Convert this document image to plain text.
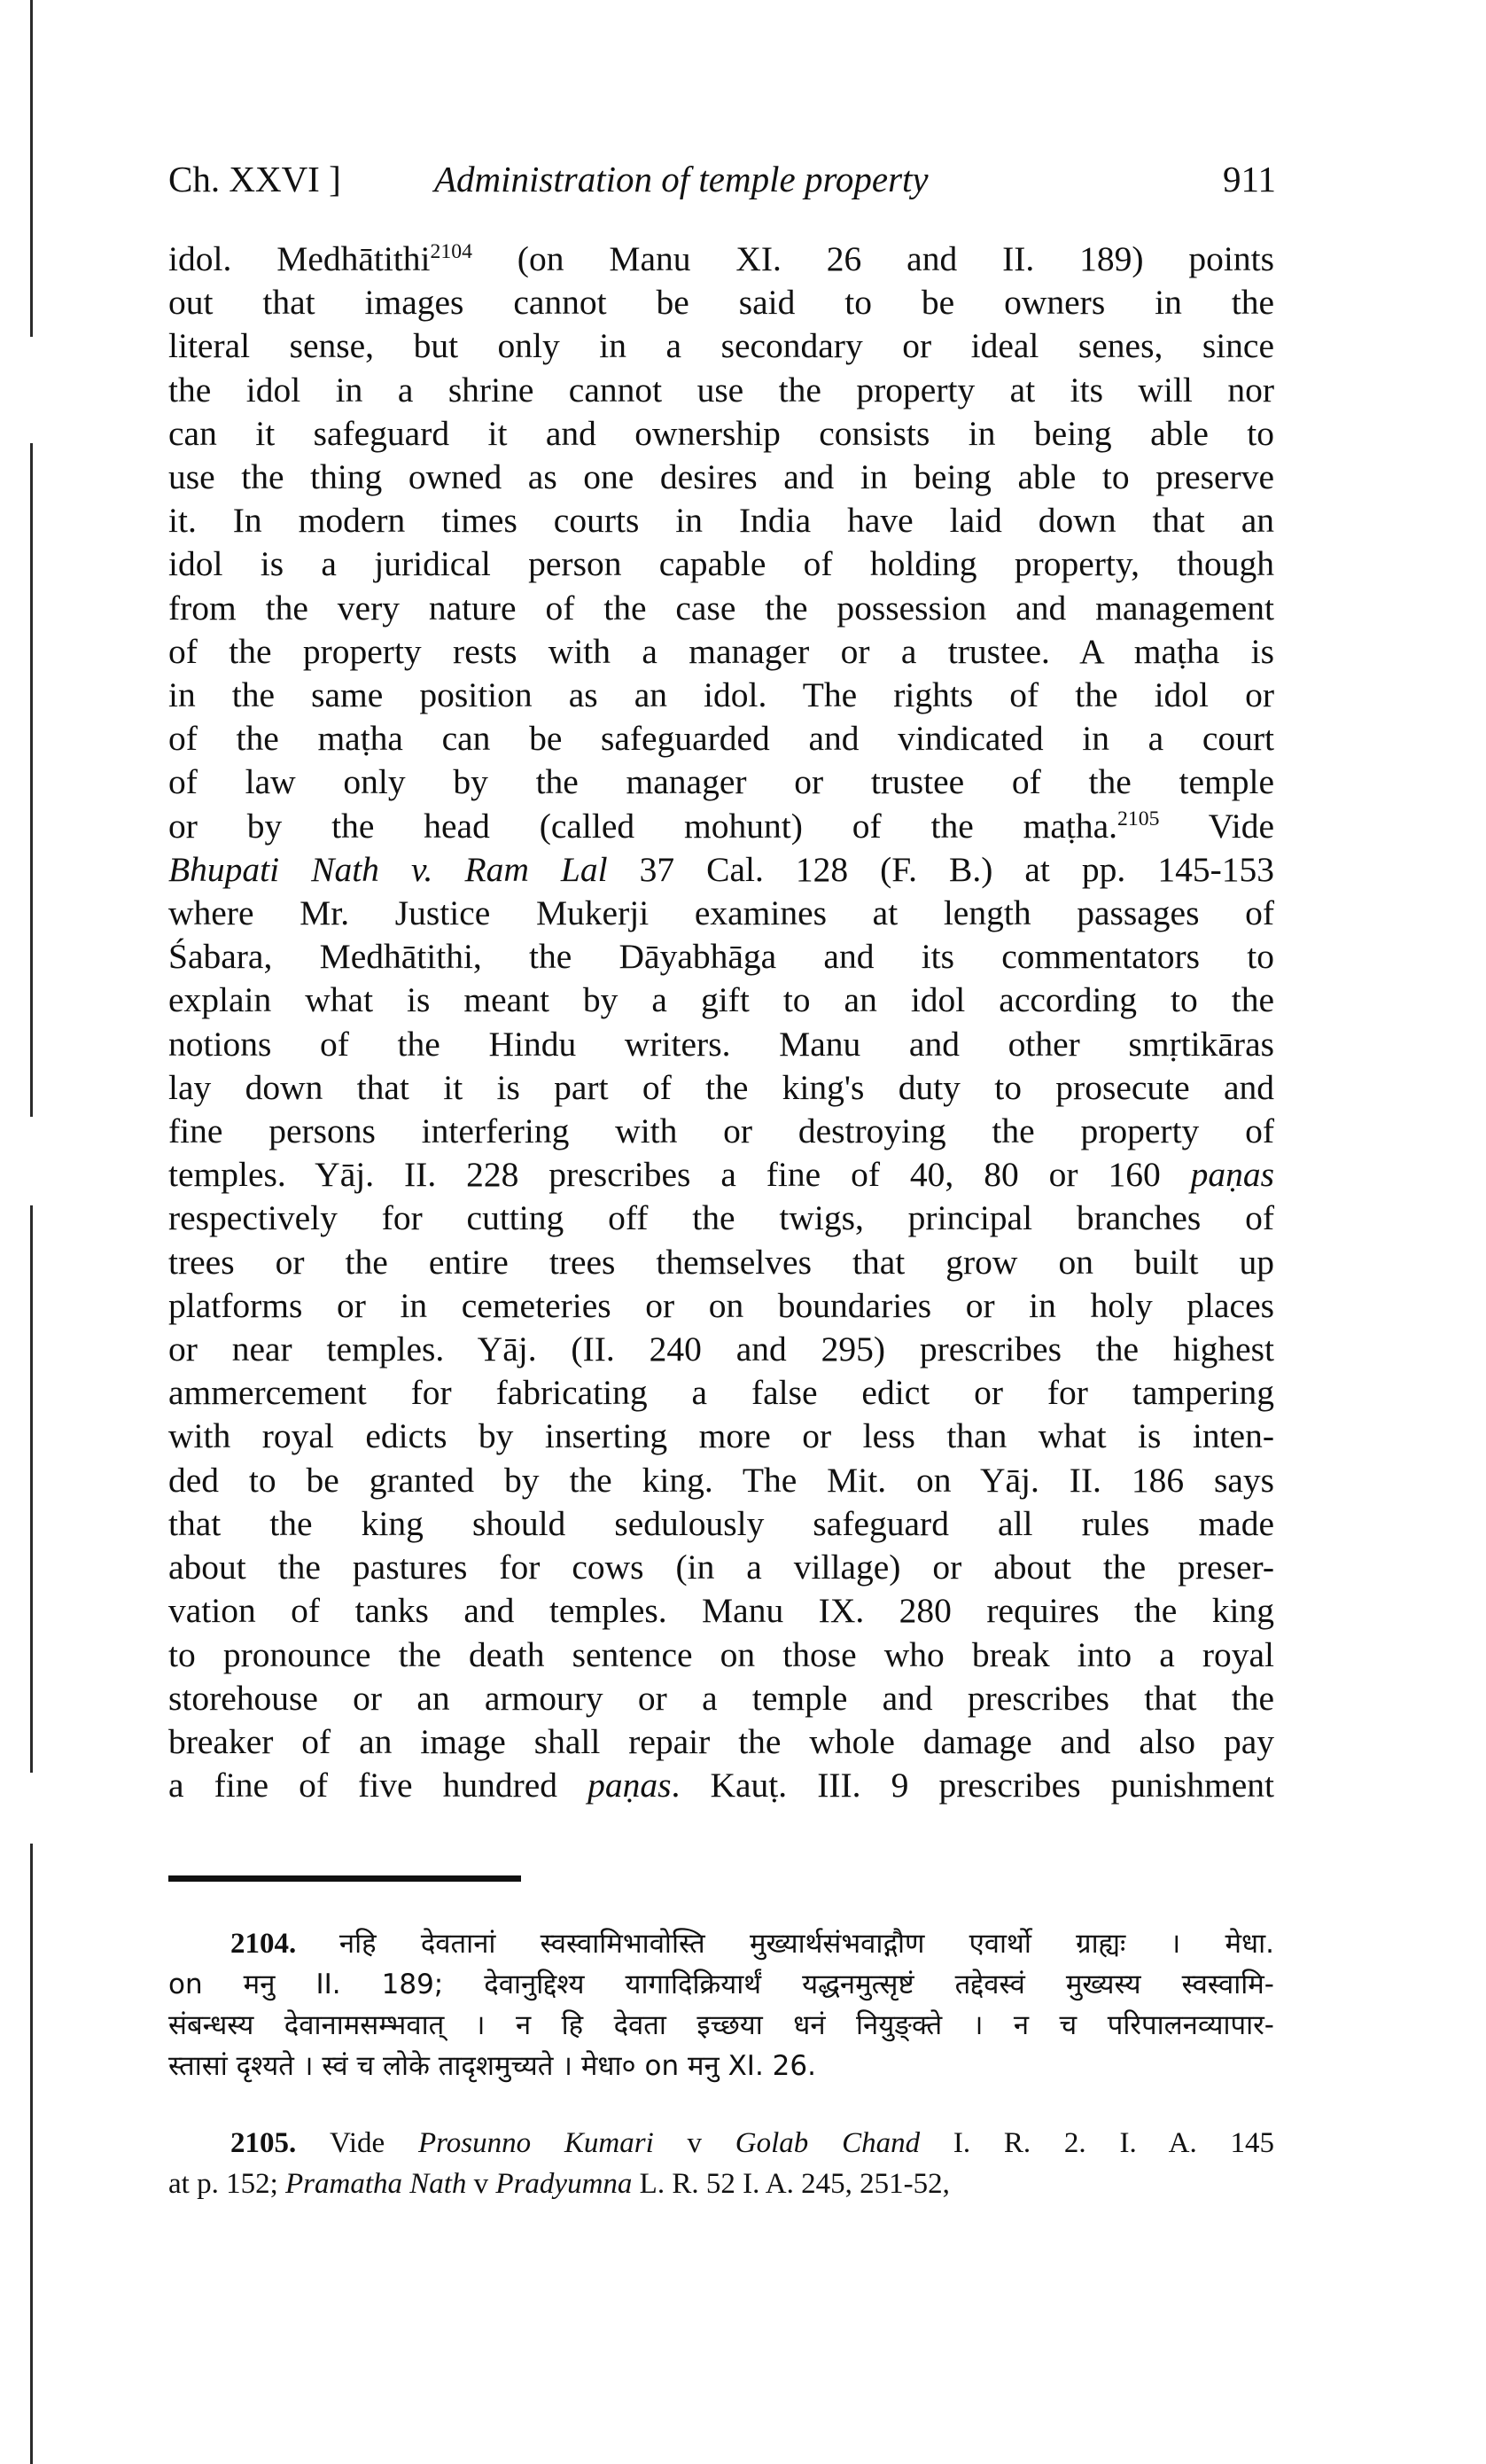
Ch. XXVI ]	Administration of temple property	911
idol. Medhātithi$^{2104}$ (on Manu XI. 26 and II. 189) points
out that images cannot be said to be owners in the
literal sense, but only in a secondary or ideal senes, since
the idol in a shrine cannot use the property at its will nor
can it safeguard it and ownership consists in being able to
use the thing owned as one desires and in being able to preserve
it. In modern times courts in India have laid down that an
idol is a juridical person capable of holding property, though
from the very nature of the case the possession and management
of the property rests with a manager or a trustee. A maṭha is
in the same position as an idol. The rights of the idol or
of the maṭha can be safeguarded and vindicated in a court
of law only by the manager or trustee of the temple
or by the head (called mohunt) of the maṭha.$^{2105}$ Vide
Bhupati Nath v. Ram Lal 37 Cal. 128 (F. B.) at pp. 145-153
where Mr. Justice Mukerji examines at length passages of
Śabara, Medhātithi, the Dāyabhāga and its commentators to
explain what is meant by a gift to an idol according to the
notions of the Hindu writers. Manu and other smṛtikāras
lay down that it is part of the king's duty to prosecute and
fine persons interfering with or destroying the property of
temples. Yāj. II. 228 prescribes a fine of 40, 80 or 160 paṇas
respectively for cutting off the twigs, principal branches of
trees or the entire trees themselves that grow on built up
platforms or in cemeteries or on boundaries or in holy places
or near temples. Yāj. (II. 240 and 295) prescribes the highest
ammercement for fabricating a false edict or for tampering
with royal edicts by inserting more or less than what is inten-
ded to be granted by the king. The Mit. on Yāj. II. 186 says
that the king should sedulously safeguard all rules made
about the pastures for cows (in a village) or about the preser-
vation of tanks and temples. Manu IX. 280 requires the king
to pronounce the death sentence on those who break into a royal
storehouse or an armoury or a temple and prescribes that the
breaker of an image shall repair the whole damage and also pay
a fine of five hundred paṇas. Kauṭ. III. 9 prescribes punishment
2104. नहि देवतानां स्वस्वामिभावोस्ति मुख्यार्थसंभवाद्गौण एवार्थो ग्राह्यः । मेधा.
on मनु II. 189; देवानुद्दिश्य यागादिक्रियार्थं यद्धनमुत्सृष्टं तद्देवस्वं मुख्यस्य स्वस्वामि-
संबन्धस्य देवानामसम्भवात् । न हि देवता इच्छया धनं नियुङ्क्ते । न च परिपालनव्यापार-
स्तासां दृश्यते । स्वं च लोके तादृशमुच्यते । मेधा० on मनु XI. 26.
2105. Vide Prosunno Kumari v Golab Chand I. R. 2. I. A. 145
at p. 152; Pramatha Nath v Pradyumna L. R. 52 I. A. 245, 251-52,
